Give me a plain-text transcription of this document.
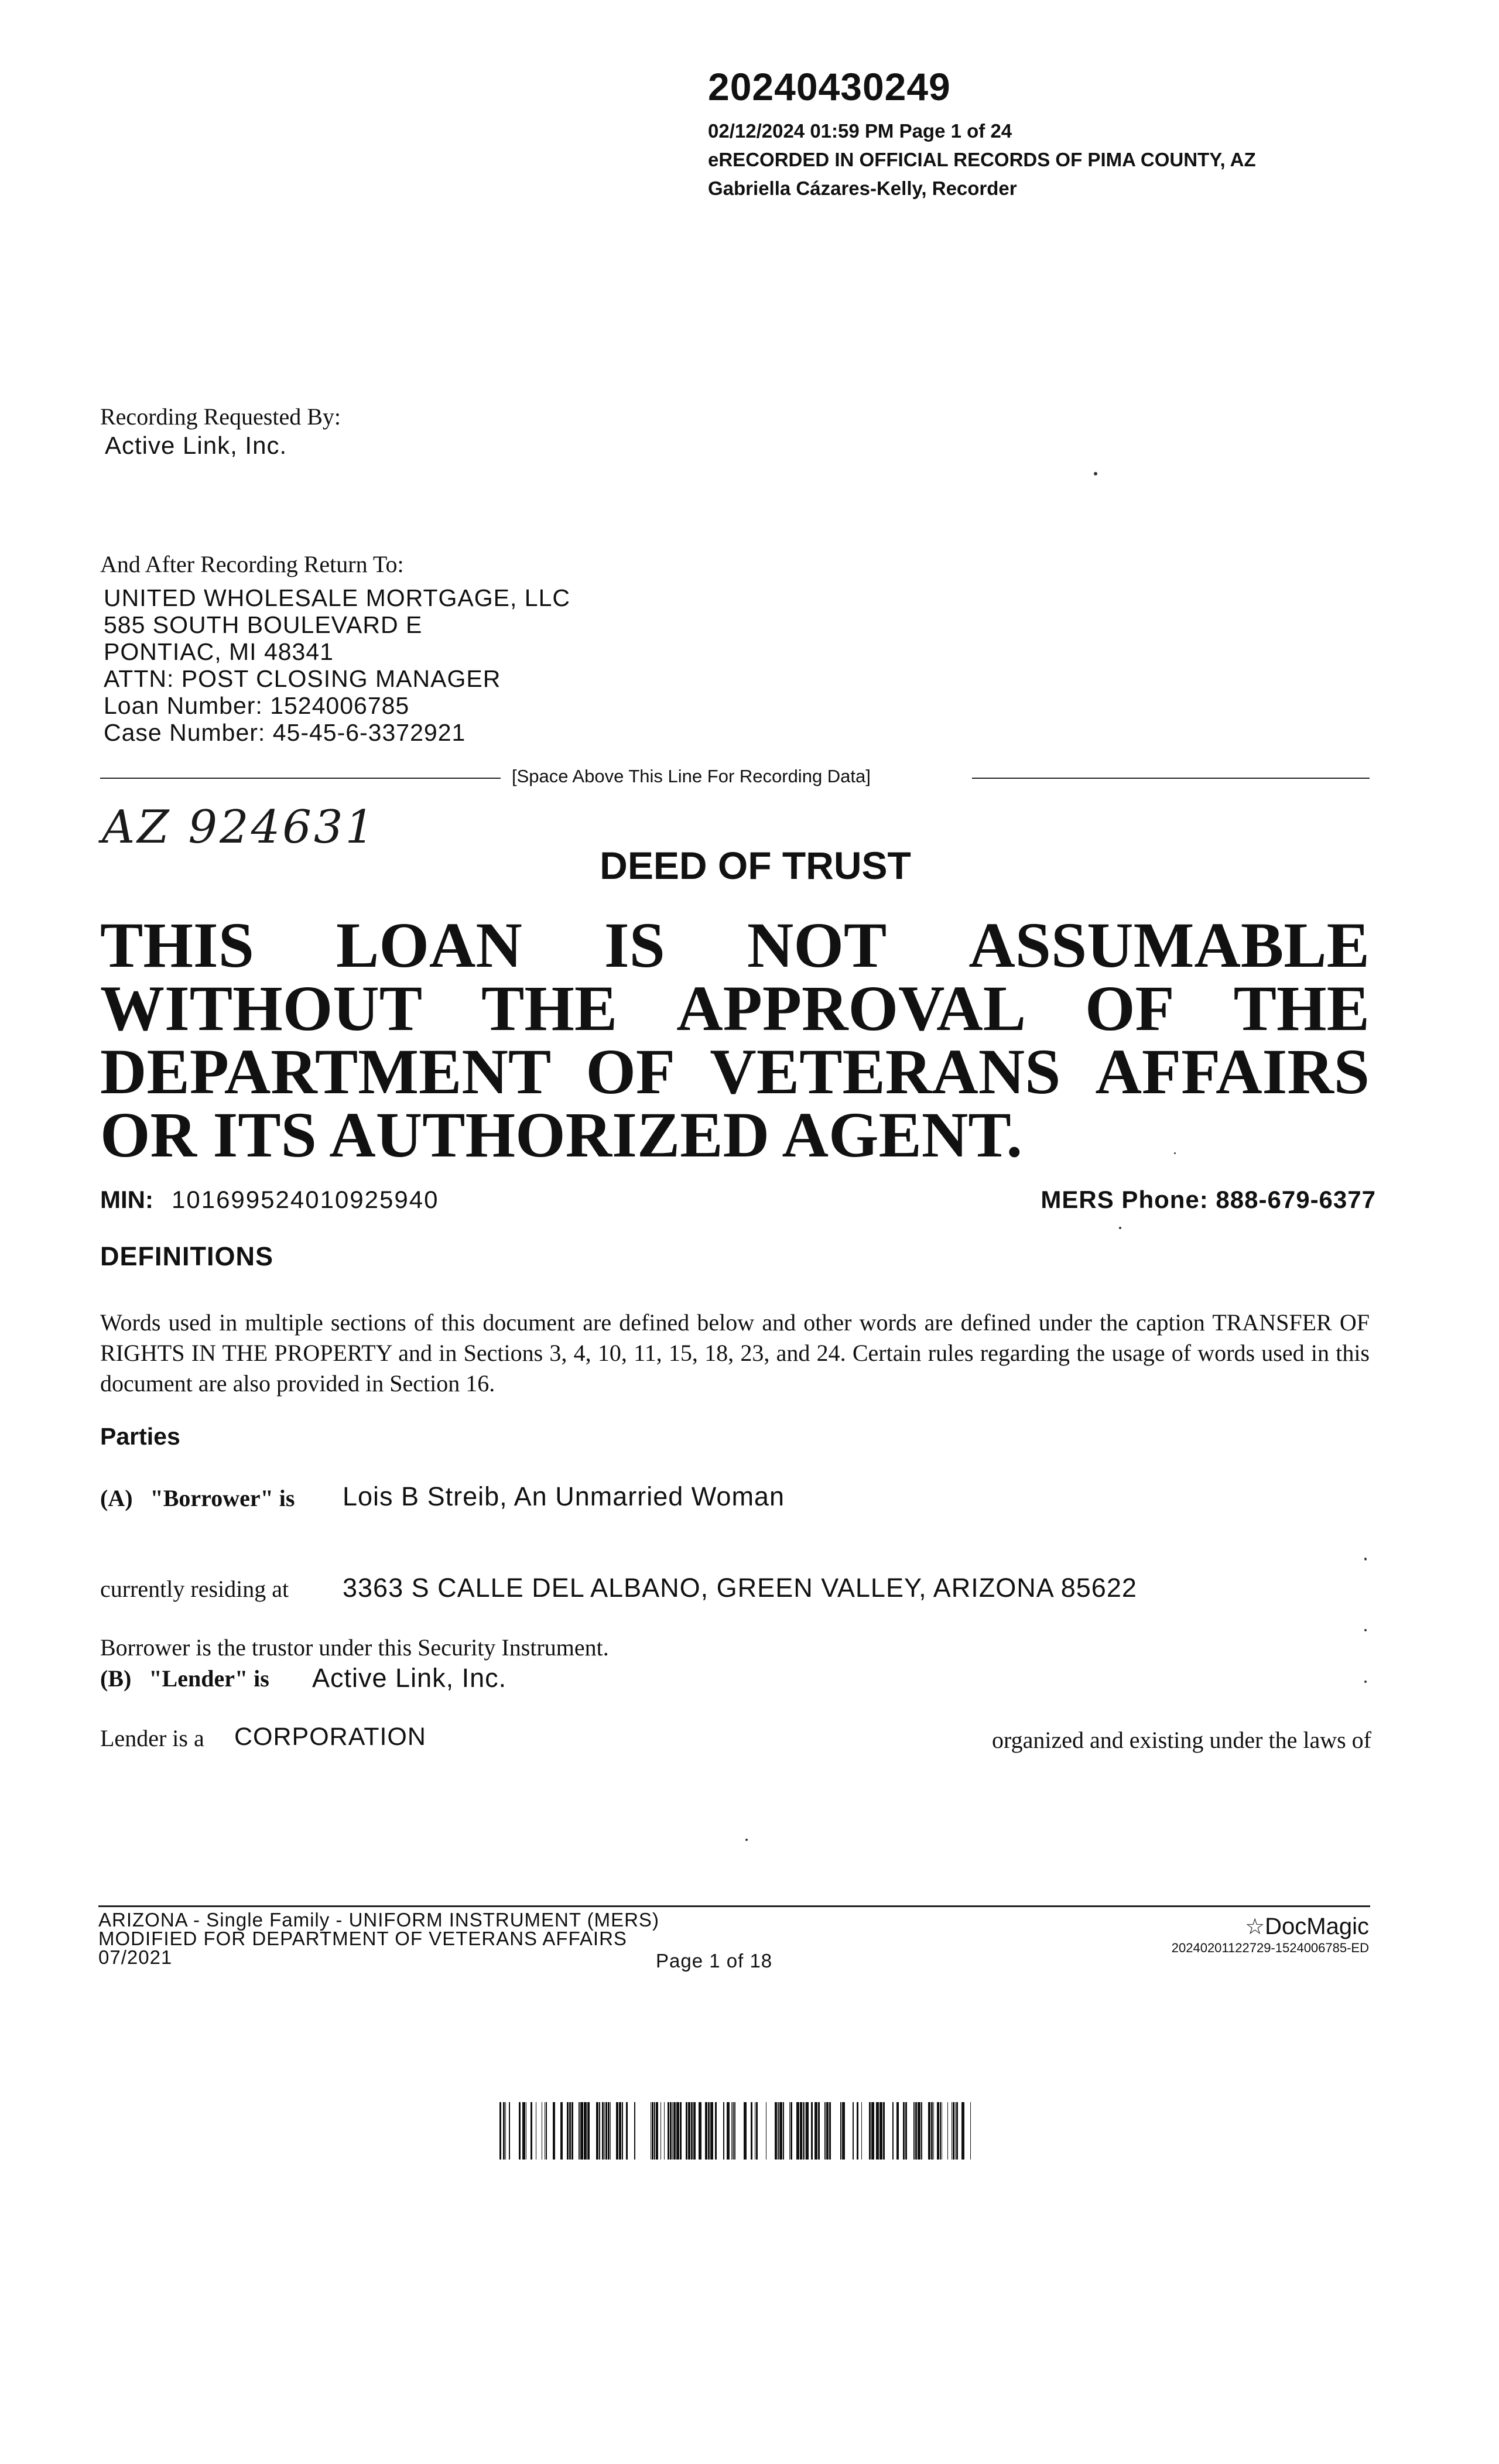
20240430249
02/12/2024 01:59 PM Page 1 of 24
eRECORDED IN OFFICIAL RECORDS OF PIMA COUNTY, AZ
Gabriella Cázares-Kelly, Recorder
Recording Requested By:
Active Link, Inc.
And After Recording Return To:
UNITED WHOLESALE MORTGAGE, LLC
585 SOUTH BOULEVARD E
PONTIAC, MI 48341
ATTN: POST CLOSING MANAGER
Loan Number: 1524006785
Case Number: 45-45-6-3372921
[Space Above This Line For Recording Data]
AZ 924631
DEED OF TRUST
THIS LOAN IS NOT ASSUMABLE
WITHOUT THE APPROVAL OF THE
DEPARTMENT OF VETERANS AFFAIRS
OR ITS AUTHORIZED AGENT.
MIN: 101699524010925940	MERS Phone: 888-679-6377
DEFINITIONS
Words used in multiple sections of this document are defined below and other words are defined under the caption TRANSFER OF RIGHTS IN THE PROPERTY and in Sections 3, 4, 10, 11, 15, 18, 23, and 24. Certain rules regarding the usage of words used in this document are also provided in Section 16.
Parties
(A)   "Borrower" is Lois B Streib, An Unmarried Woman
currently residing at 3363 S CALLE DEL ALBANO, GREEN VALLEY, ARIZONA 85622
Borrower is the trustor under this Security Instrument.
(B)   "Lender" is Active Link, Inc.
Lender is a CORPORATION	organized and existing under the laws of
ARIZONA - Single Family - UNIFORM INSTRUMENT (MERS)
MODIFIED FOR DEPARTMENT OF VETERANS AFFAIRS
07/2021	Page 1 of 18
☆DocMagic
20240201122729-1524006785-ED
